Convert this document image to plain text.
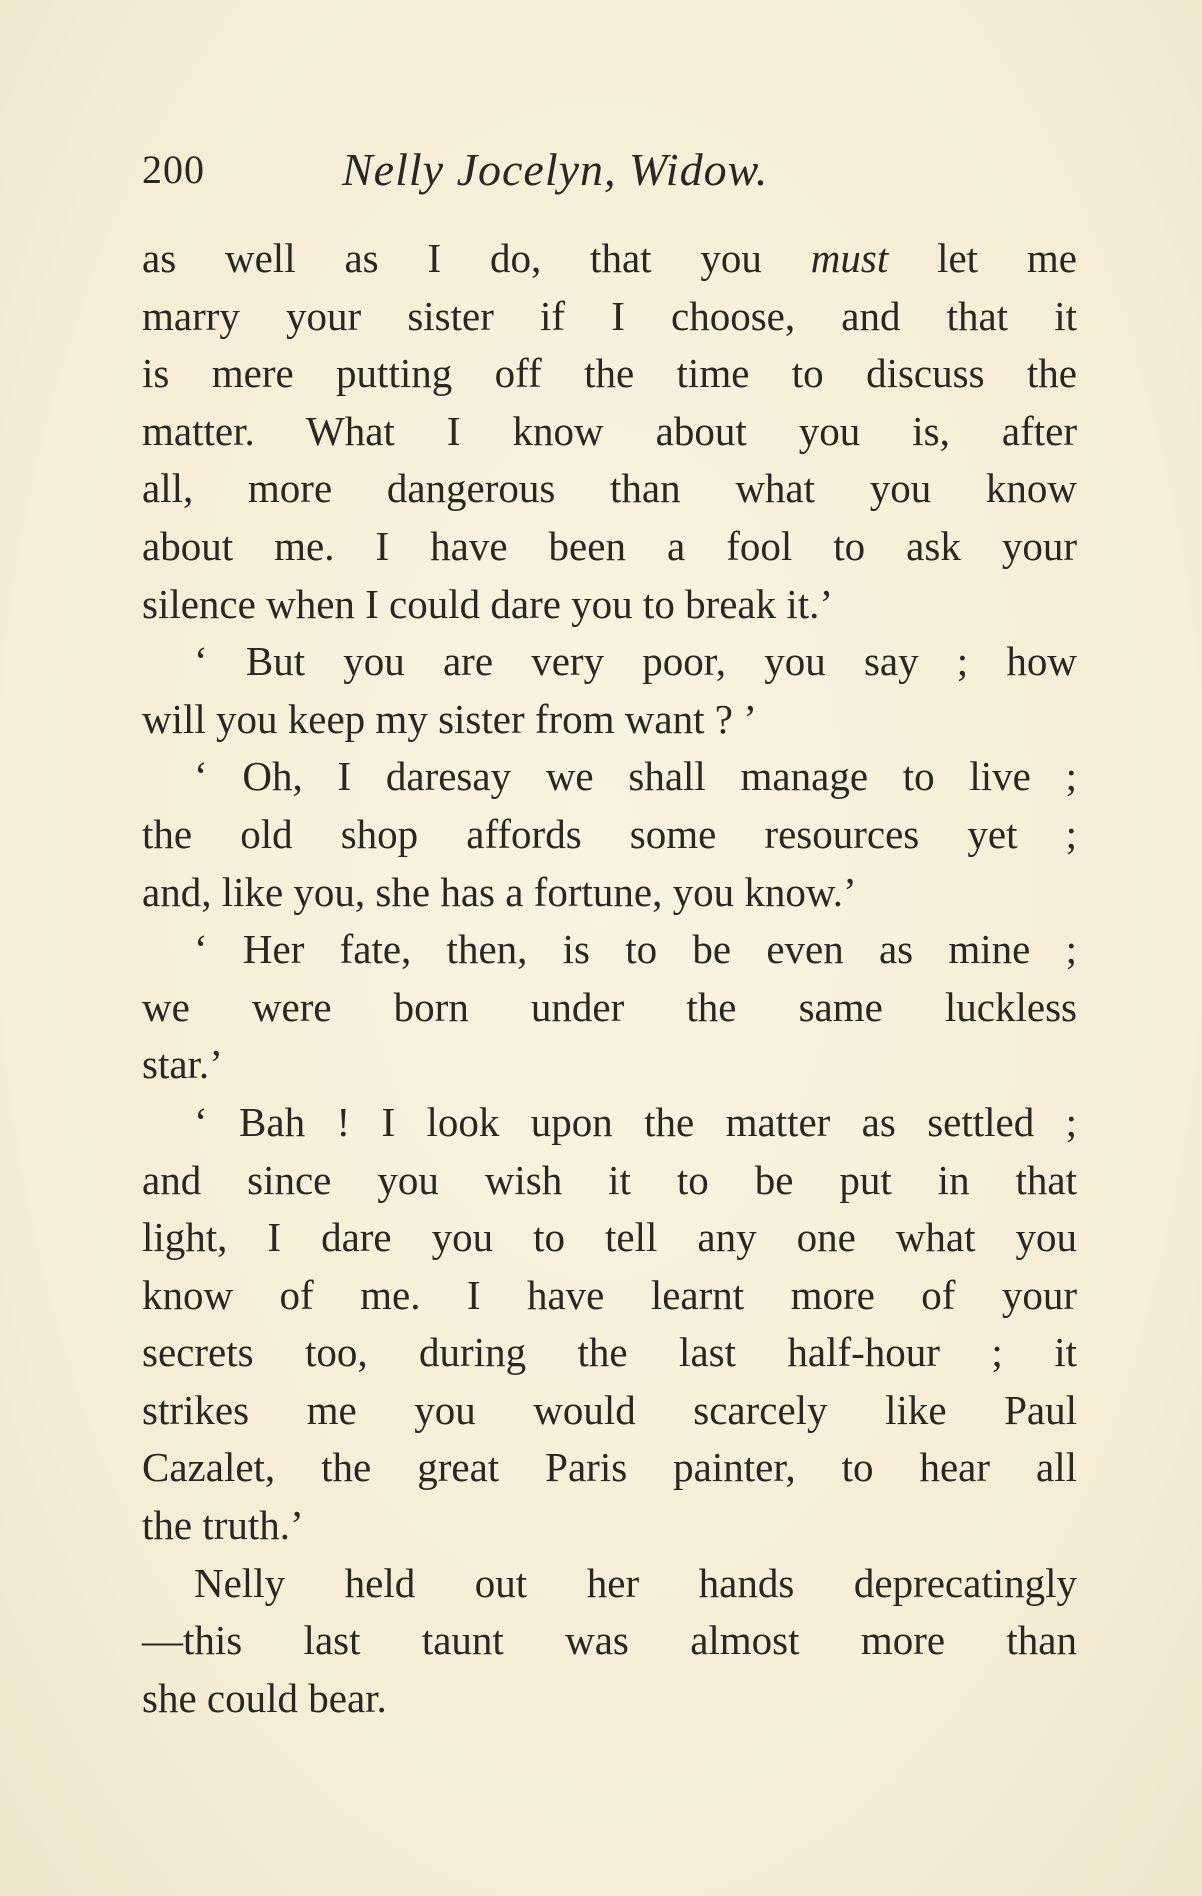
200	Nelly Jocelyn, Widow.
as well as I do, that you must let me
marry your sister if I choose, and that it
is mere putting off the time to discuss the
matter. What I know about you is, after
all, more dangerous than what you know
about me. I have been a fool to ask your
silence when I could dare you to break it.’
‘ But you are very poor, you say ; how
will you keep my sister from want ? ’
‘ Oh, I daresay we shall manage to live ;
the old shop affords some resources yet ;
and, like you, she has a fortune, you know.’
‘ Her fate, then, is to be even as mine ;
we were born under the same luckless
star.’
‘ Bah ! I look upon the matter as settled ;
and since you wish it to be put in that
light, I dare you to tell any one what you
know of me. I have learnt more of your
secrets too, during the last half-hour ; it
strikes me you would scarcely like Paul
Cazalet, the great Paris painter, to hear all
the truth.’
Nelly held out her hands deprecatingly
—this last taunt was almost more than
she could bear.
